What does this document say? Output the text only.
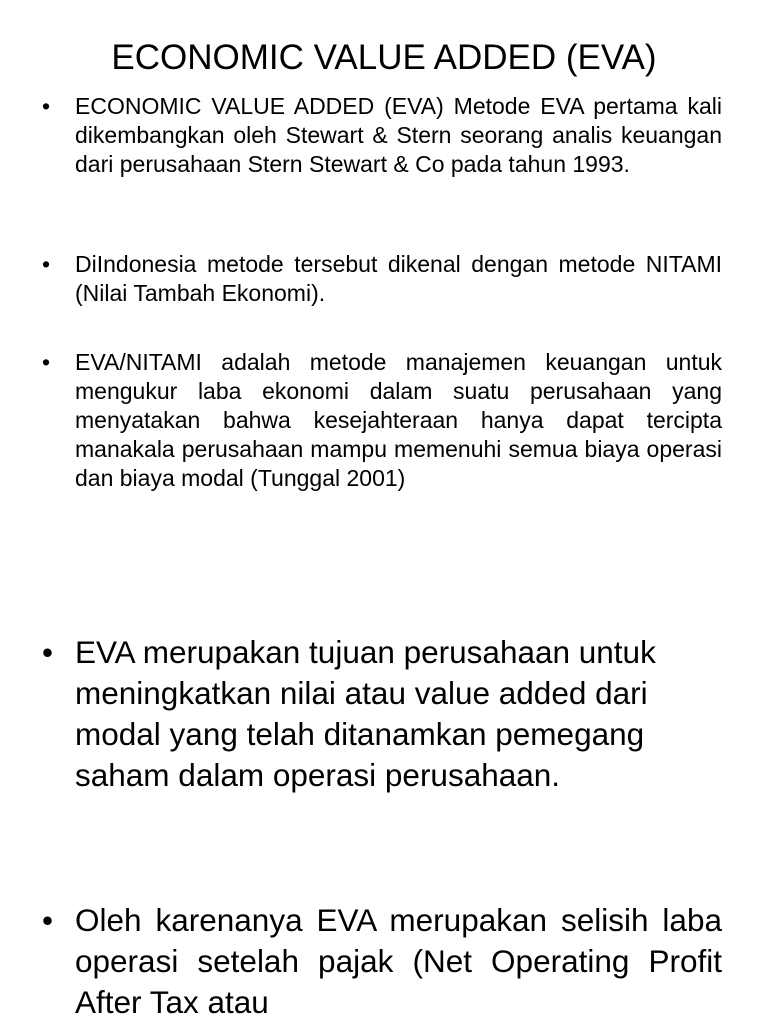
ECONOMIC VALUE ADDED (EVA)

• ECONOMIC VALUE ADDED (EVA) Metode EVA pertama kali dikembangkan oleh Stewart & Stern seorang analis keuangan dari perusahaan Stern Stewart & Co pada tahun 1993.

• DiIndonesia metode tersebut dikenal dengan metode NITAMI (Nilai Tambah Ekonomi).

• EVA/NITAMI adalah metode manajemen keuangan untuk mengukur laba ekonomi dalam suatu perusahaan yang menyatakan bahwa kesejahteraan hanya dapat tercipta manakala perusahaan mampu memenuhi semua biaya operasi dan biaya modal (Tunggal 2001)

• EVA merupakan tujuan perusahaan untuk meningkatkan nilai atau value added dari modal yang telah ditanamkan pemegang saham dalam operasi perusahaan.

• Oleh karenanya EVA merupakan selisih laba operasi setelah pajak (Net Operating Profit After Tax atau
